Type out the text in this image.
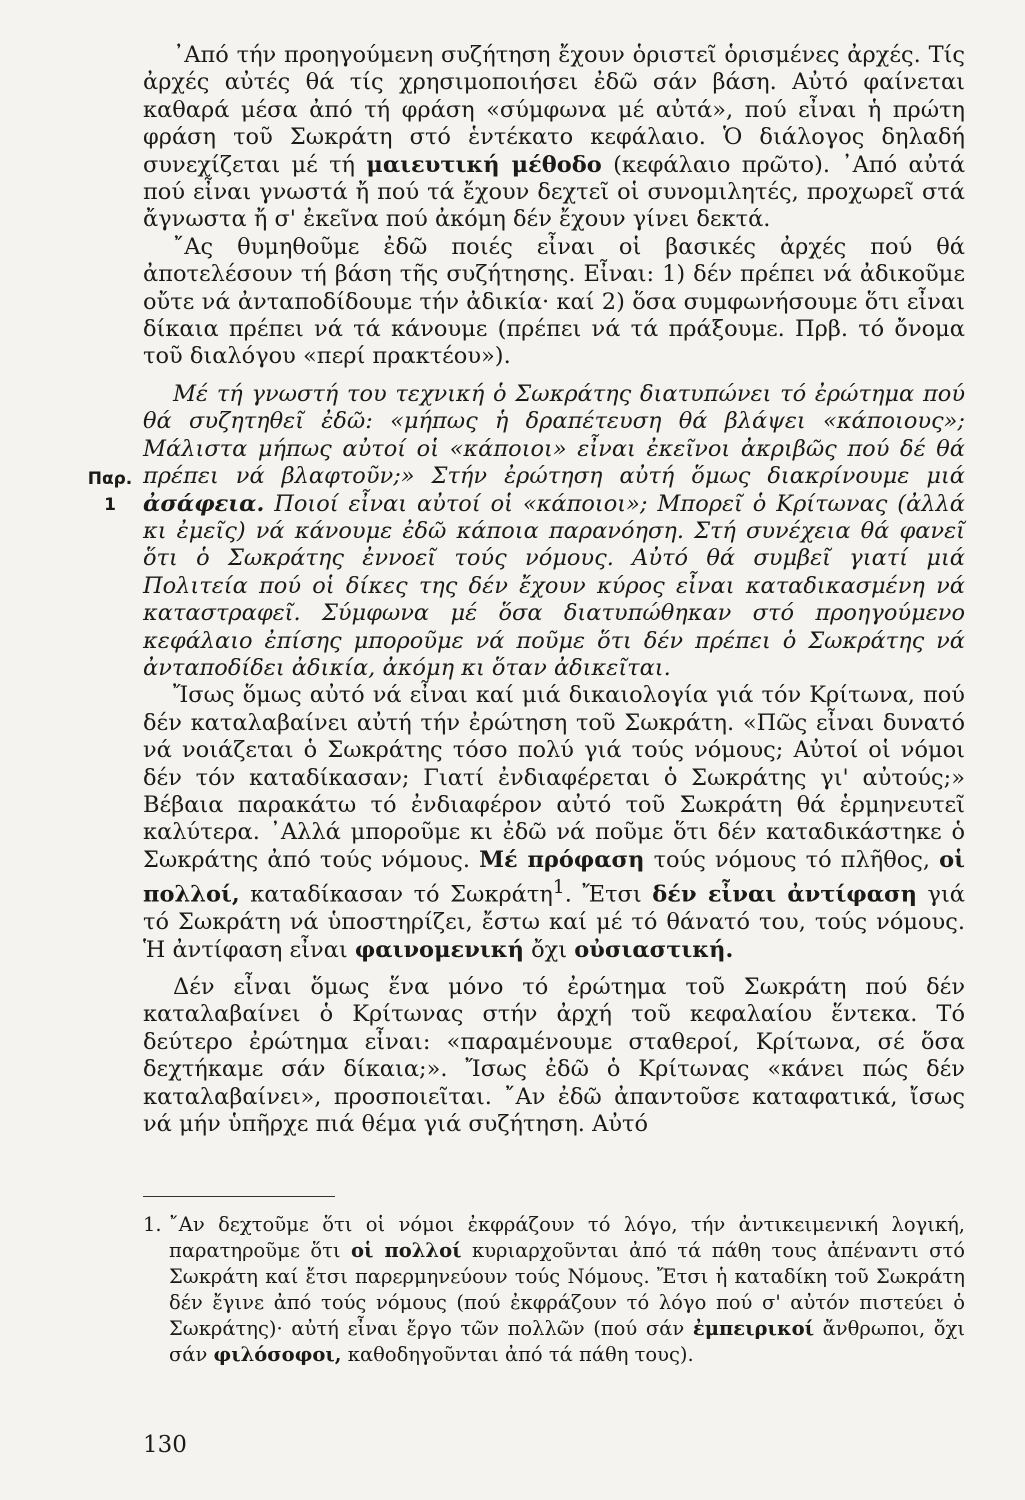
Παρ.
1

᾿Από τήν προηγούμενη συζήτηση ἔχουν ὁριστεῖ ὁρισμένες ἀρχές. Τίς ἀρχές αὐτές θά τίς χρησιμοποιήσει ἐδῶ σάν βάση. Αὐτό φαίνεται καθαρά μέσα ἀπό τή φράση «σύμφωνα μέ αὐτά», πού εἶναι ἡ πρώτη φράση τοῦ Σωκράτη στό ἑντέκατο κεφάλαιο. Ὁ διάλογος δηλαδή συνεχίζεται μέ τή μαιευτική μέθοδο (κεφάλαιο πρῶτο). ᾿Από αὐτά πού εἶναι γνωστά ἤ πού τά ἔχουν δεχτεῖ οἱ συνομιλητές, προχωρεῖ στά ἄγνωστα ἤ σ' ἐκεῖνα πού ἀκόμη δέν ἔχουν γίνει δεκτά.

῎Ας θυμηθοῦμε ἐδῶ ποιές εἶναι οἱ βασικές ἀρχές πού θά ἀποτελέσουν τή βάση τῆς συζήτησης. Εἶναι: 1) δέν πρέπει νά ἀδικοῦμε οὔτε νά ἀνταποδίδουμε τήν ἀδικία· καί 2) ὅσα συμφωνήσουμε ὅτι εἶναι δίκαια πρέπει νά τά κάνουμε (πρέπει νά τά πράξουμε. Πρβ. τό ὄνομα τοῦ διαλόγου «περί πρακτέου»).

Μέ τή γνωστή του τεχνική ὁ Σωκράτης διατυπώνει τό ἐρώτημα πού θά συζητηθεῖ ἐδῶ: «μήπως ἡ δραπέτευση θά βλάψει «κάποιους»; Μάλιστα μήπως αὐτοί οἱ «κάποιοι» εἶναι ἐκεῖνοι ἀκριβῶς πού δέ θά πρέπει νά βλαφτοῦν;» Στήν ἐρώτηση αὐτή ὅμως διακρίνουμε μιά ἀσάφεια. Ποιοί εἶναι αὐτοί οἱ «κάποιοι»; Μπορεῖ ὁ Κρίτωνας (ἀλλά κι ἐμεῖς) νά κάνουμε ἐδῶ κάποια παρανόηση. Στή συνέχεια θά φανεῖ ὅτι ὁ Σωκράτης ἐννοεῖ τούς νόμους. Αὐτό θά συμβεῖ γιατί μιά Πολιτεία πού οἱ δίκες της δέν ἔχουν κύρος εἶναι καταδικασμένη νά καταστραφεῖ. Σύμφωνα μέ ὅσα διατυπώθηκαν στό προηγούμενο κεφάλαιο ἐπίσης μποροῦμε νά ποῦμε ὅτι δέν πρέπει ὁ Σωκράτης νά ἀνταποδίδει ἀδικία, ἀκόμη κι ὅταν ἀδικεῖται.

Ἴσως ὅμως αὐτό νά εἶναι καί μιά δικαιολογία γιά τόν Κρίτωνα, πού δέν καταλαβαίνει αὐτή τήν ἐρώτηση τοῦ Σωκράτη. «Πῶς εἶναι δυνατό νά νοιάζεται ὁ Σωκράτης τόσο πολύ γιά τούς νόμους; Αὐτοί οἱ νόμοι δέν τόν καταδίκασαν; Γιατί ἐνδιαφέρεται ὁ Σωκράτης γι' αὐτούς;» Βέβαια παρακάτω τό ἐνδιαφέρον αὐτό τοῦ Σωκράτη θά ἑρμηνευτεῖ καλύτερα. ᾿Αλλά μποροῦμε κι ἐδῶ νά ποῦμε ὅτι δέν καταδικάστηκε ὁ Σωκράτης ἀπό τούς νόμους. Μέ πρόφαση τούς νόμους τό πλῆθος, οἱ πολλοί, καταδίκασαν τό Σωκράτη$^1$. Ἔτσι δέν εἶναι ἀντίφαση γιά τό Σωκράτη νά ὑποστηρίζει, ἔστω καί μέ τό θάνατό του, τούς νόμους. Ἡ ἀντίφαση εἶναι φαινομενική ὄχι οὐσιαστική.

Δέν εἶναι ὅμως ἕνα μόνο τό ἐρώτημα τοῦ Σωκράτη πού δέν καταλαβαίνει ὁ Κρίτωνας στήν ἀρχή τοῦ κεφαλαίου ἕντεκα. Τό δεύτερο ἐρώτημα εἶναι: «παραμένουμε σταθεροί, Κρίτωνα, σέ ὅσα δεχτήκαμε σάν δίκαια;». Ἴσως ἐδῶ ὁ Κρίτωνας «κάνει πώς δέν καταλαβαίνει», προσποιεῖται. ῎Αν ἐδῶ ἀπαντοῦσε καταφατικά, ἴσως νά μήν ὑπῆρχε πιά θέμα γιά συζήτηση. Αὐτό

1. ῎Αν δεχτοῦμε ὅτι οἱ νόμοι ἐκφράζουν τό λόγο, τήν ἀντικειμενική λογική, παρατηροῦμε ὅτι οἱ πολλοί κυριαρχοῦνται ἀπό τά πάθη τους ἀπέναντι στό Σωκράτη καί ἔτσι παρερμηνεύουν τούς Νόμους. Ἔτσι ἡ καταδίκη τοῦ Σωκράτη δέν ἔγινε ἀπό τούς νόμους (πού ἐκφράζουν τό λόγο πού σ' αὐτόν πιστεύει ὁ Σωκράτης)· αὐτή εἶναι ἔργο τῶν πολλῶν (πού σάν ἐμπειρικοί ἄνθρωποι, ὄχι σάν φιλόσοφοι, καθοδηγοῦνται ἀπό τά πάθη τους).
130
